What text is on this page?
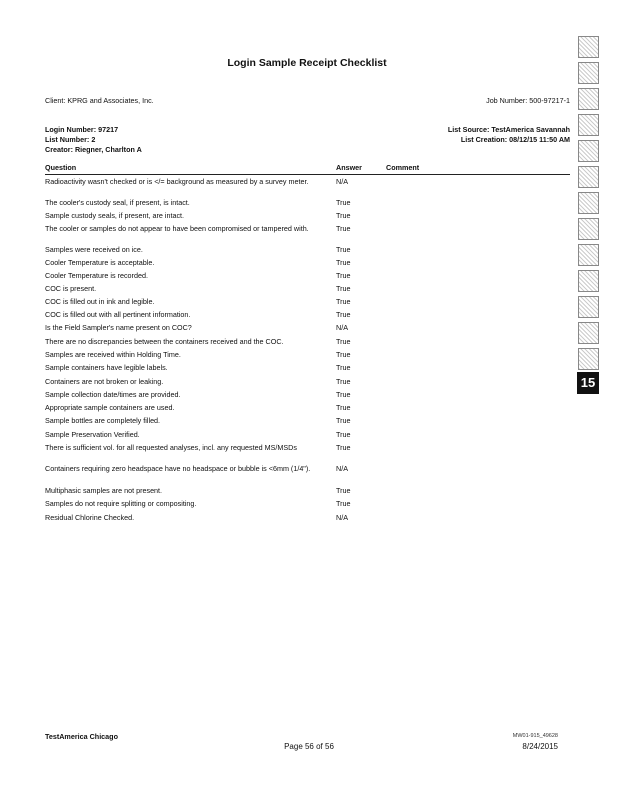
Login Sample Receipt Checklist
Client: KPRG and Associates, Inc.	Job Number: 500-97217-1
Login Number: 97217	List Source: TestAmerica Savannah
List Number: 2	List Creation: 08/12/15 11:50 AM
Creator: Riegner, Charlton A
Question	Answer	Comment
Radioactivity wasn't checked or is </= background as measured by a survey meter.	N/A
The cooler's custody seal, if present, is intact.	True
Sample custody seals, if present, are intact.	True
The cooler or samples do not appear to have been compromised or tampered with.	True
Samples were received on ice.	True
Cooler Temperature is acceptable.	True
Cooler Temperature is recorded.	True
COC is present.	True
COC is filled out in ink and legible.	True
COC is filled out with all pertinent information.	True
Is the Field Sampler's name present on COC?	N/A
There are no discrepancies between the containers received and the COC.	True
Samples are received within Holding Time.	True
Sample containers have legible labels.	True
Containers are not broken or leaking.	True
Sample collection date/times are provided.	True
Appropriate sample containers are used.	True
Sample bottles are completely filled.	True
Sample Preservation Verified.	True
There is sufficient vol. for all requested analyses, incl. any requested MS/MSDs	True
Containers requiring zero headspace have no headspace or bubble is <6mm (1/4").	N/A
Multiphasic samples are not present.	True
Samples do not require splitting or compositing.	True
Residual Chlorine Checked.	N/A
15
TestAmerica Chicago
Page 56 of 56
MW01-915_49628
8/24/2015
